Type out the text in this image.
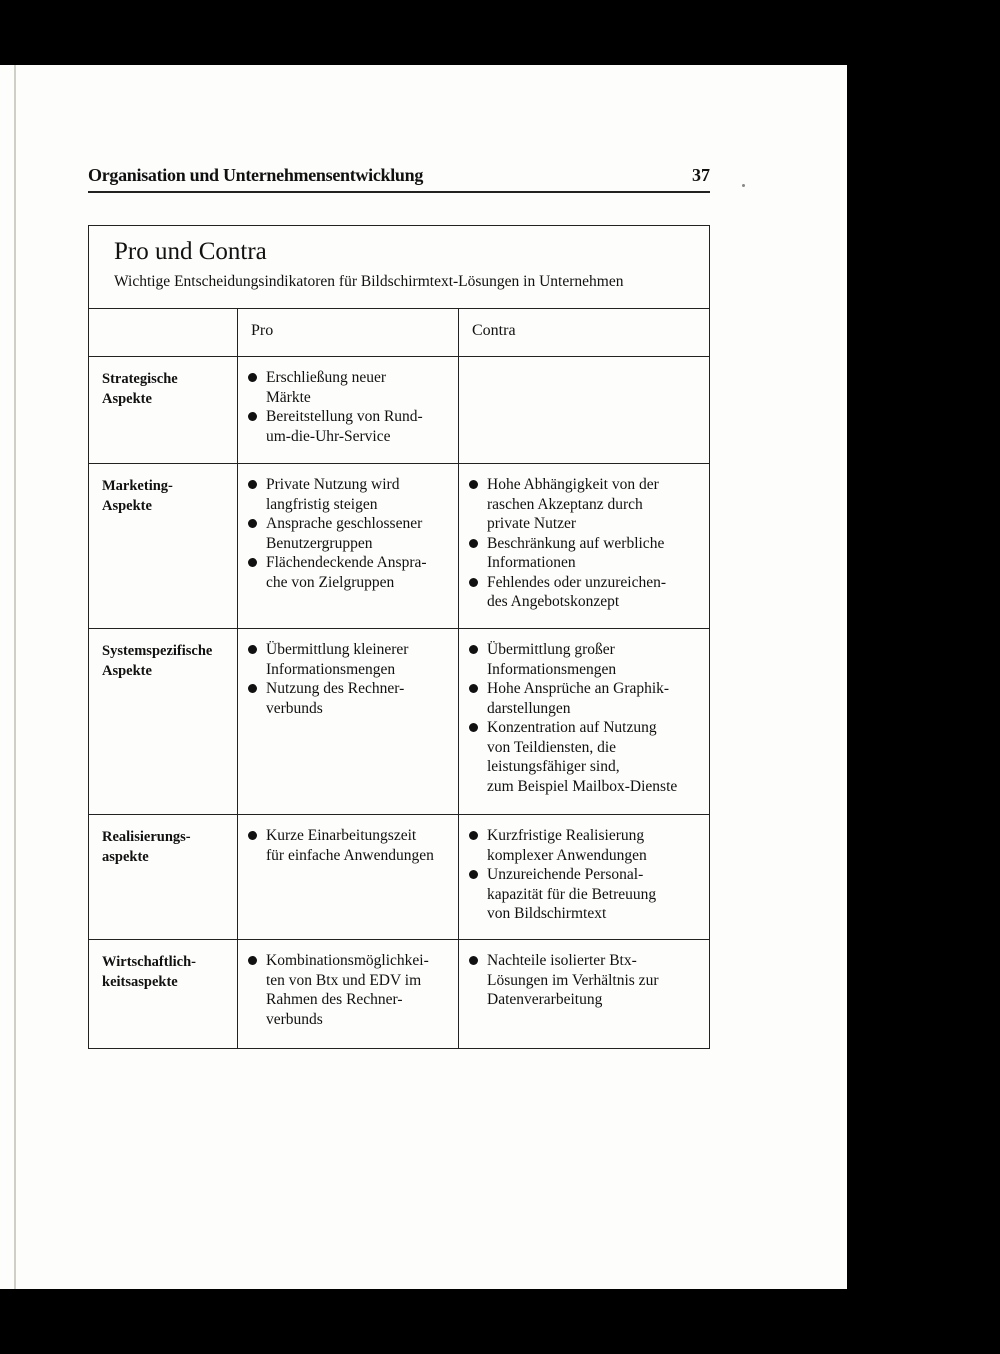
Organisation und Unternehmensentwicklung	37
Pro und Contra
Wichtige Entscheidungsindikatoren für Bildschirmtext-Lösungen in Unternehmen
Pro	Contra
Strategische
Aspekte
Erschließung neuer
Märkte
Bereitstellung von Rund-
um-die-Uhr-Service
Marketing-
Aspekte
Private Nutzung wird
langfristig steigen
Ansprache geschlossener
Benutzergruppen
Flächendeckende Anspra-
che von Zielgruppen
Hohe Abhängigkeit von der
raschen Akzeptanz durch
private Nutzer
Beschränkung auf werbliche
Informationen
Fehlendes oder unzureichen-
des Angebotskonzept
Systemspezifische
Aspekte
Übermittlung kleinerer
Informationsmengen
Nutzung des Rechner-
verbunds
Übermittlung großer
Informationsmengen
Hohe Ansprüche an Graphik-
darstellungen
Konzentration auf Nutzung
von Teildiensten, die
leistungsfähiger sind,
zum Beispiel Mailbox-Dienste
Realisierungs-
aspekte
Kurze Einarbeitungszeit
für einfache Anwendungen
Kurzfristige Realisierung
komplexer Anwendungen
Unzureichende Personal-
kapazität für die Betreuung
von Bildschirmtext
Wirtschaftlich-
keitsaspekte
Kombinationsmöglichkei-
ten von Btx und EDV im
Rahmen des Rechner-
verbunds
Nachteile isolierter Btx-
Lösungen im Verhältnis zur
Datenverarbeitung
